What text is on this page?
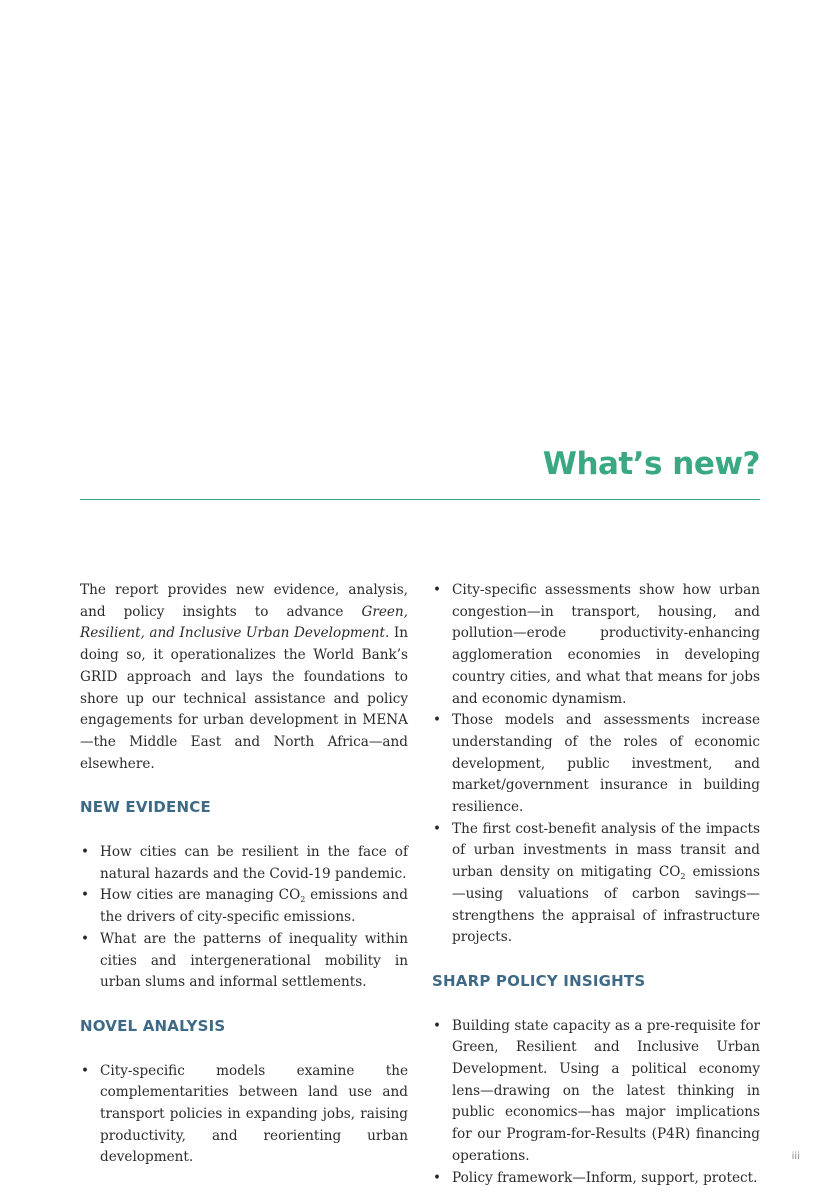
What’s new?

The report provides new evidence, analysis, and policy insights to advance Green, Resilient, and Inclusive Urban Development. In doing so, it operationalizes the World Bank’s GRID approach and lays the foundations to shore up our technical assistance and policy engagements for urban development in MENA—the Middle East and North Africa—and elsewhere.

NEW EVIDENCE
• How cities can be resilient in the face of natural hazards and the Covid-19 pandemic.
• How cities are managing $CO_2$ emissions and the drivers of city-specific emissions.
• What are the patterns of inequality within cities and intergenerational mobility in urban slums and informal settlements.
NOVEL ANALYSIS
• City-specific models examine the complementarities between land use and transport policies in expanding jobs, raising productivity, and reorienting urban development.
• City-specific assessments show how urban congestion—in transport, housing, and pollution—erode productivity-enhancing agglomeration economies in developing country cities, and what that means for jobs and economic dynamism.
• Those models and assessments increase understanding of the roles of economic development, public investment, and market/government insurance in building resilience.
• The first cost-benefit analysis of the impacts of urban investments in mass transit and urban density on mitigating $CO_2$ emissions—using valuations of carbon savings—strengthens the appraisal of infrastructure projects.
SHARP POLICY INSIGHTS
• Building state capacity as a pre-requisite for Green, Resilient and Inclusive Urban Development. Using a political economy lens—drawing on the latest thinking in public economics—has major implications for our Program-for-Results (P4R) financing operations.
• Policy framework—Inform, support, protect.
iii
